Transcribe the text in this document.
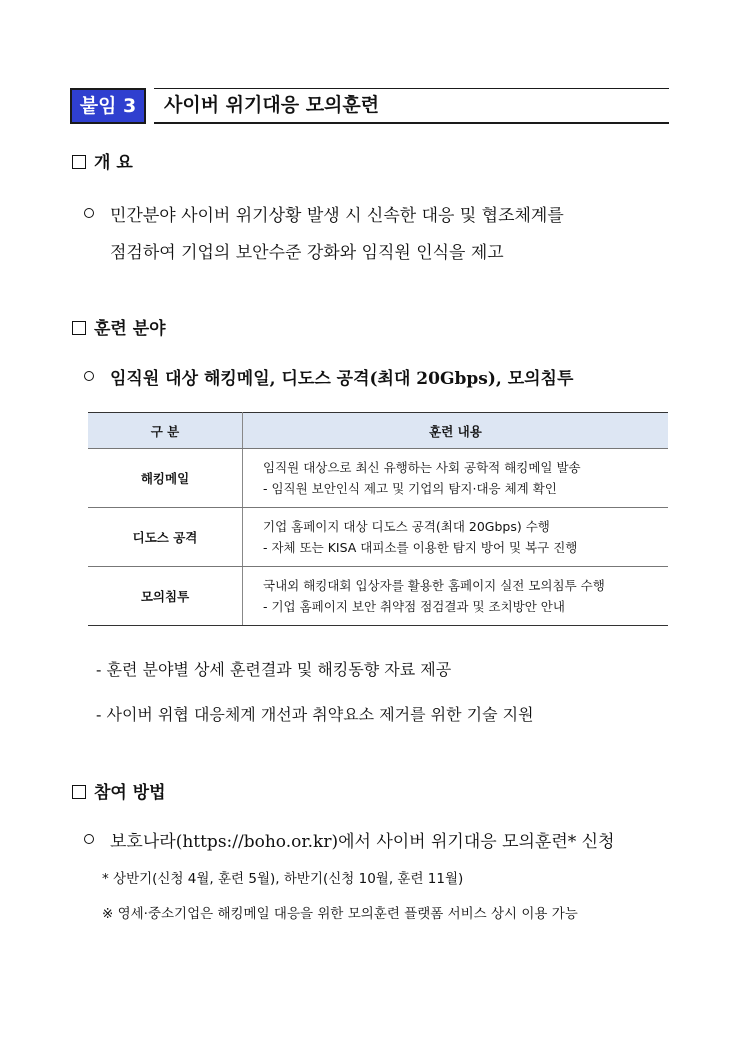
붙임 3	사이버 위기대응 모의훈련
개 요
민간분야 사이버 위기상황 발생 시 신속한 대응 및 협조체계를
점검하여 기업의 보안수준 강화와 임직원 인식을 제고
훈련 분야
임직원 대상 해킹메일, 디도스 공격(최대 20Gbps), 모의침투
구 분	훈련 내용
해킹메일	임직원 대상으로 최신 유행하는 사회 공학적 해킹메일 발송
- 임직원 보안인식 제고 및 기업의 탐지·대응 체계 확인

디도스 공격	기업 홈페이지 대상 디도스 공격(최대 20Gbps) 수행
- 자체 또는 KISA 대피소를 이용한 탐지 방어 및 복구 진행

모의침투	국내외 해킹대회 입상자를 활용한 홈페이지 실전 모의침투 수행
- 기업 홈페이지 보안 취약점 점검결과 및 조치방안 안내
- 훈련 분야별 상세 훈련결과 및 해킹동향 자료 제공
- 사이버 위협 대응체계 개선과 취약요소 제거를 위한 기술 지원
참여 방법
보호나라(https://boho.or.kr)에서 사이버 위기대응 모의훈련* 신청
* 상반기(신청 4월, 훈련 5월), 하반기(신청 10월, 훈련 11월)
※ 영세·중소기업은 해킹메일 대응을 위한 모의훈련 플랫폼 서비스 상시 이용 가능
